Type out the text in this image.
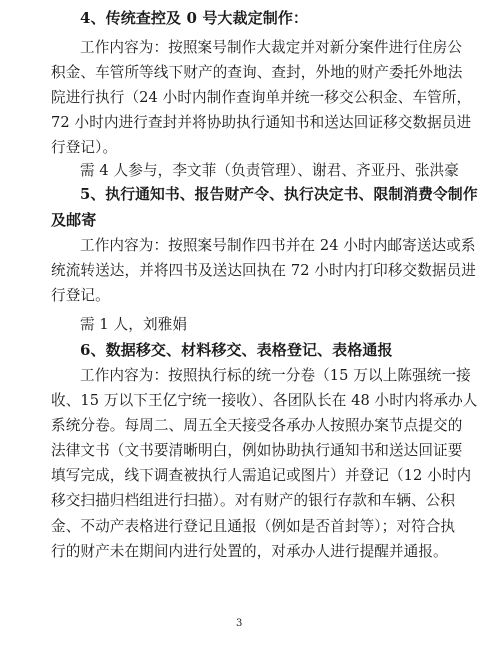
4、传统查控及 0 号大裁定制作：
工作内容为：按照案号制作大裁定并对新分案件进行住房公
积金、车管所等线下财产的查询、查封，外地的财产委托外地法
院进行执行（24 小时内制作查询单并统一移交公积金、车管所，
72 小时内进行查封并将协助执行通知书和送达回证移交数据员进
行登记）。
需 4 人参与，李文菲（负责管理）、谢君、齐亚丹、张洪豪
5、执行通知书、报告财产令、执行决定书、限制消费令制作
及邮寄
工作内容为：按照案号制作四书并在 24 小时内邮寄送达或系
统流转送达，并将四书及送达回执在 72 小时内打印移交数据员进
行登记。
需 1 人，刘雅娟
6、数据移交、材料移交、表格登记、表格通报
工作内容为：按照执行标的统一分卷（15 万以上陈强统一接
收、15 万以下王亿宁统一接收）、各团队长在 48 小时内将承办人
系统分卷。每周二、周五全天接受各承办人按照办案节点提交的
法律文书（文书要清晰明白，例如协助执行通知书和送达回证要
填写完成，线下调查被执行人需追记或图片）并登记（12 小时内
移交扫描归档组进行扫描）。对有财产的银行存款和车辆、公积
金、不动产表格进行登记且通报（例如是否首封等）；对符合执
行的财产未在期间内进行处置的，对承办人进行提醒并通报。
3
